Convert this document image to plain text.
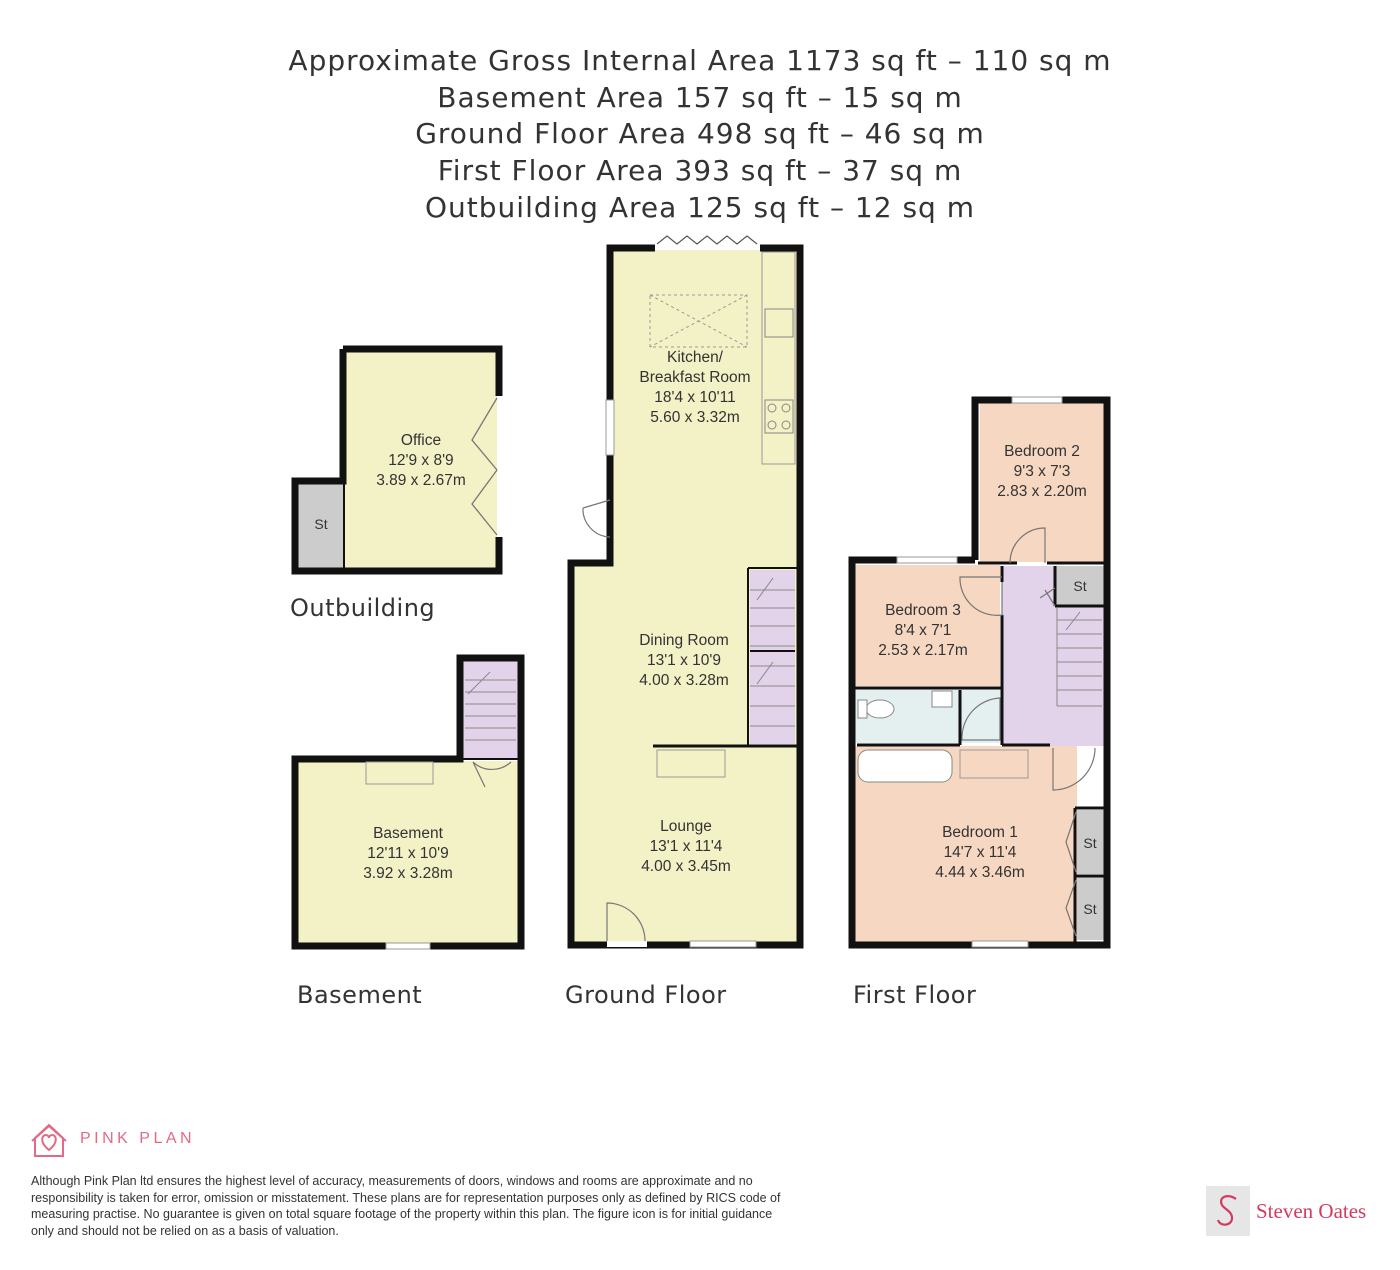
Approximate Gross Internal Area 1173 sq ft – 110 sq m
Basement Area 157 sq ft – 15 sq m
Ground Floor Area 498 sq ft – 46 sq m
First Floor Area 393 sq ft – 37 sq m
Outbuilding Area 125 sq ft – 12 sq m
Office
12'9 x 8'9
3.89 x 2.67m
St
Basement
12'11 x 10'9
3.92 x 3.28m
Kitchen/
Breakfast Room
18'4 x 10'11
5.60 x 3.32m
Dining Room
13'1 x 10'9
4.00 x 3.28m
Lounge
13'1 x 11'4
4.00 x 3.45m
Bedroom 2
9'3 x 7'3
2.83 x 2.20m
Bedroom 3
8'4 x 7'1
2.53 x 2.17m
Bedroom 1
14'7 x 11'4
4.44 x 3.46m
St
St
St
Outbuilding
Basement	Ground Floor	First Floor
PINK PLAN
Although Pink Plan ltd ensures the highest level of accuracy, measurements of doors, windows and rooms are approximate and no responsibility is taken for error, omission or misstatement. These plans are for representation purposes only as defined by RICS code of measuring practise. No guarantee is given on total square footage of the property within this plan. The figure icon is for initial guidance only and should not be relied on as a basis of valuation.
Steven Oates
